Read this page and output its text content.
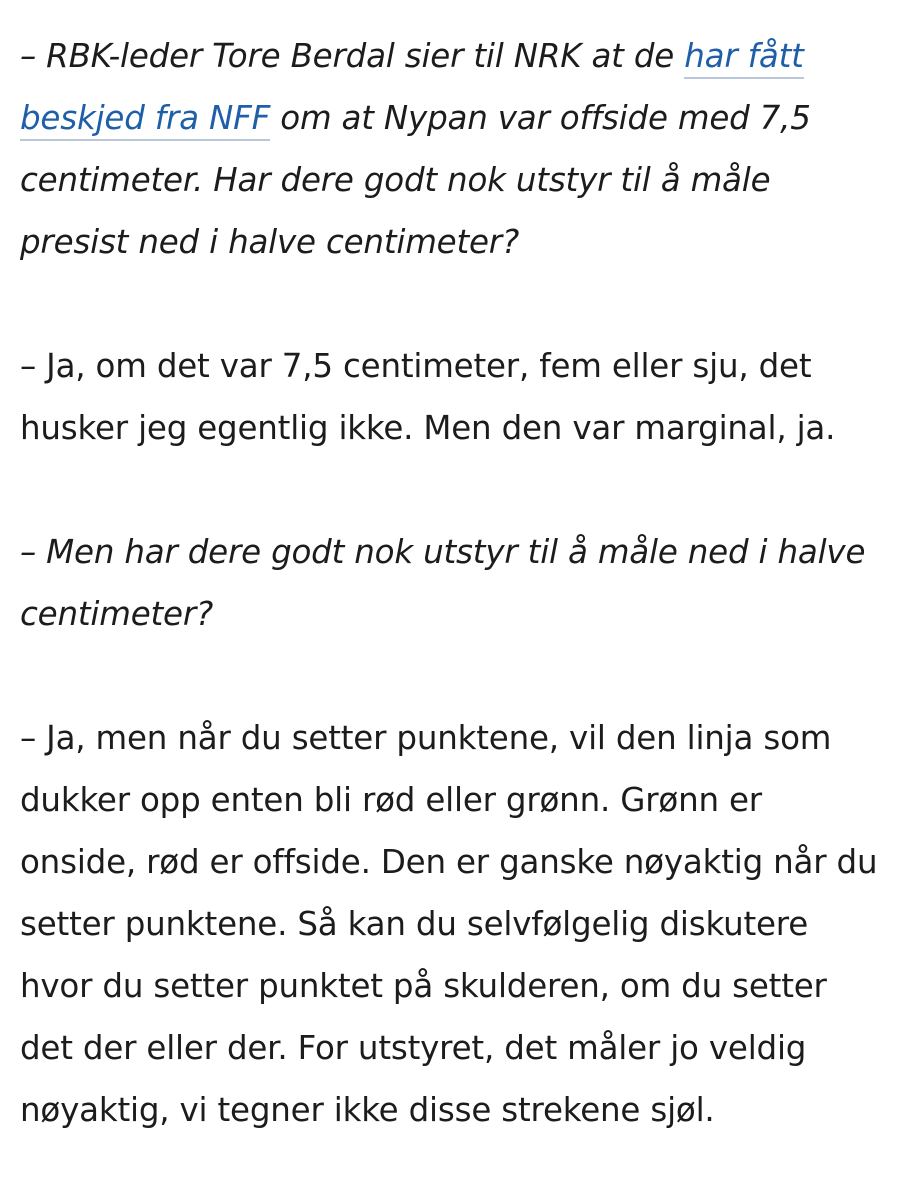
– RBK-leder Tore Berdal sier til NRK at de har fått beskjed fra NFF om at Nypan var offside med 7,5 centimeter. Har dere godt nok utstyr til å måle presist ned i halve centimeter?

– Ja, om det var 7,5 centimeter, fem eller sju, det husker jeg egentlig ikke. Men den var marginal, ja.

– Men har dere godt nok utstyr til å måle ned i halve centimeter?

– Ja, men når du setter punktene, vil den linja som dukker opp enten bli rød eller grønn. Grønn er onside, rød er offside. Den er ganske nøyaktig når du setter punktene. Så kan du selvfølgelig diskutere hvor du setter punktet på skulderen, om du setter det der eller der. For utstyret, det måler jo veldig nøyaktig, vi tegner ikke disse strekene sjøl.
